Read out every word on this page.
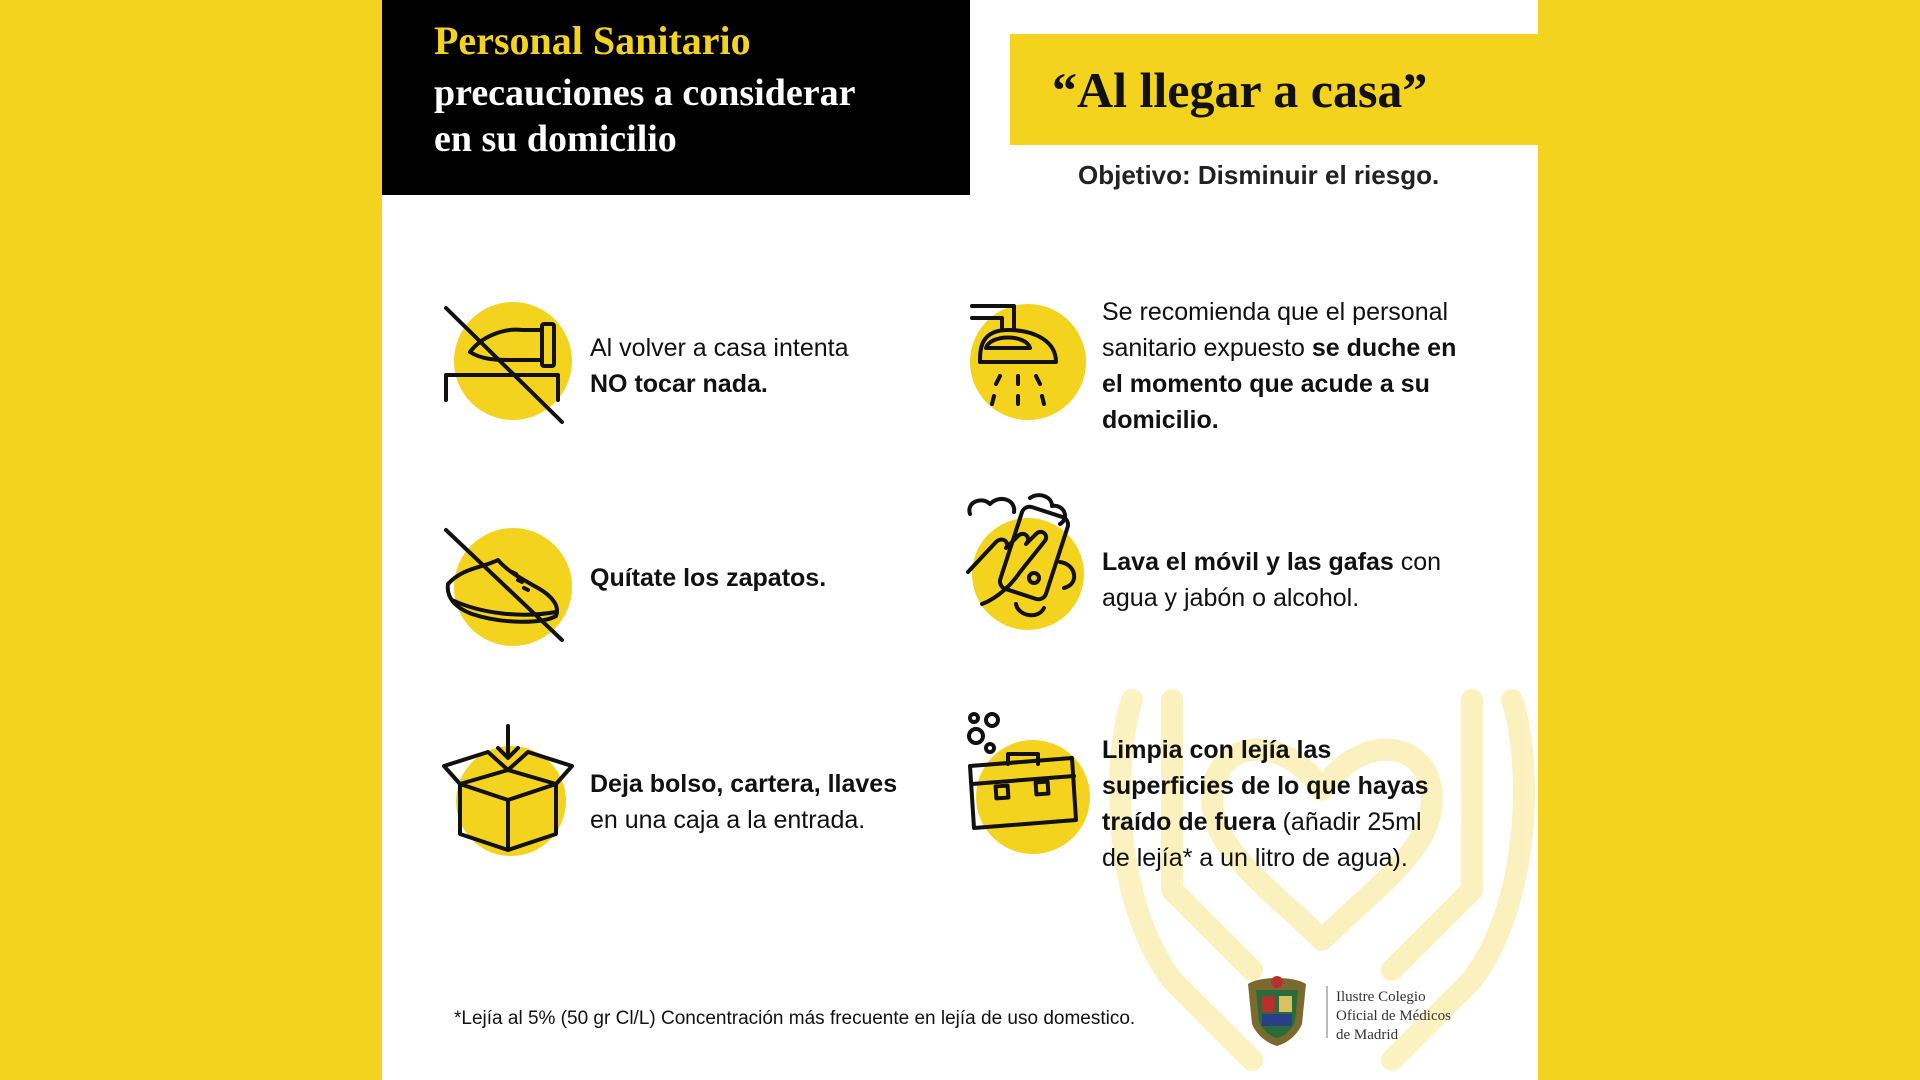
Personal Sanitario
precauciones a considerar
en su domicilio
“Al llegar a casa”
Objetivo: Disminuir el riesgo.
Al volver a casa intenta
NO tocar nada.
Se recomienda que el personal
sanitario expuesto se duche en
el momento que acude a su
domicilio.
Quítate los zapatos.
Lava el móvil y las gafas con
agua y jabón o alcohol.
Deja bolso, cartera, llaves
en una caja a la entrada.
Limpia con lejía las
superficies de lo que hayas
traído de fuera (añadir 25ml
de lejía* a un litro de agua).
*Lejía al 5% (50 gr Cl/L) Concentración más frecuente en lejía de uso domestico.
Ilustre Colegio
Oficial de Médicos
de Madrid
